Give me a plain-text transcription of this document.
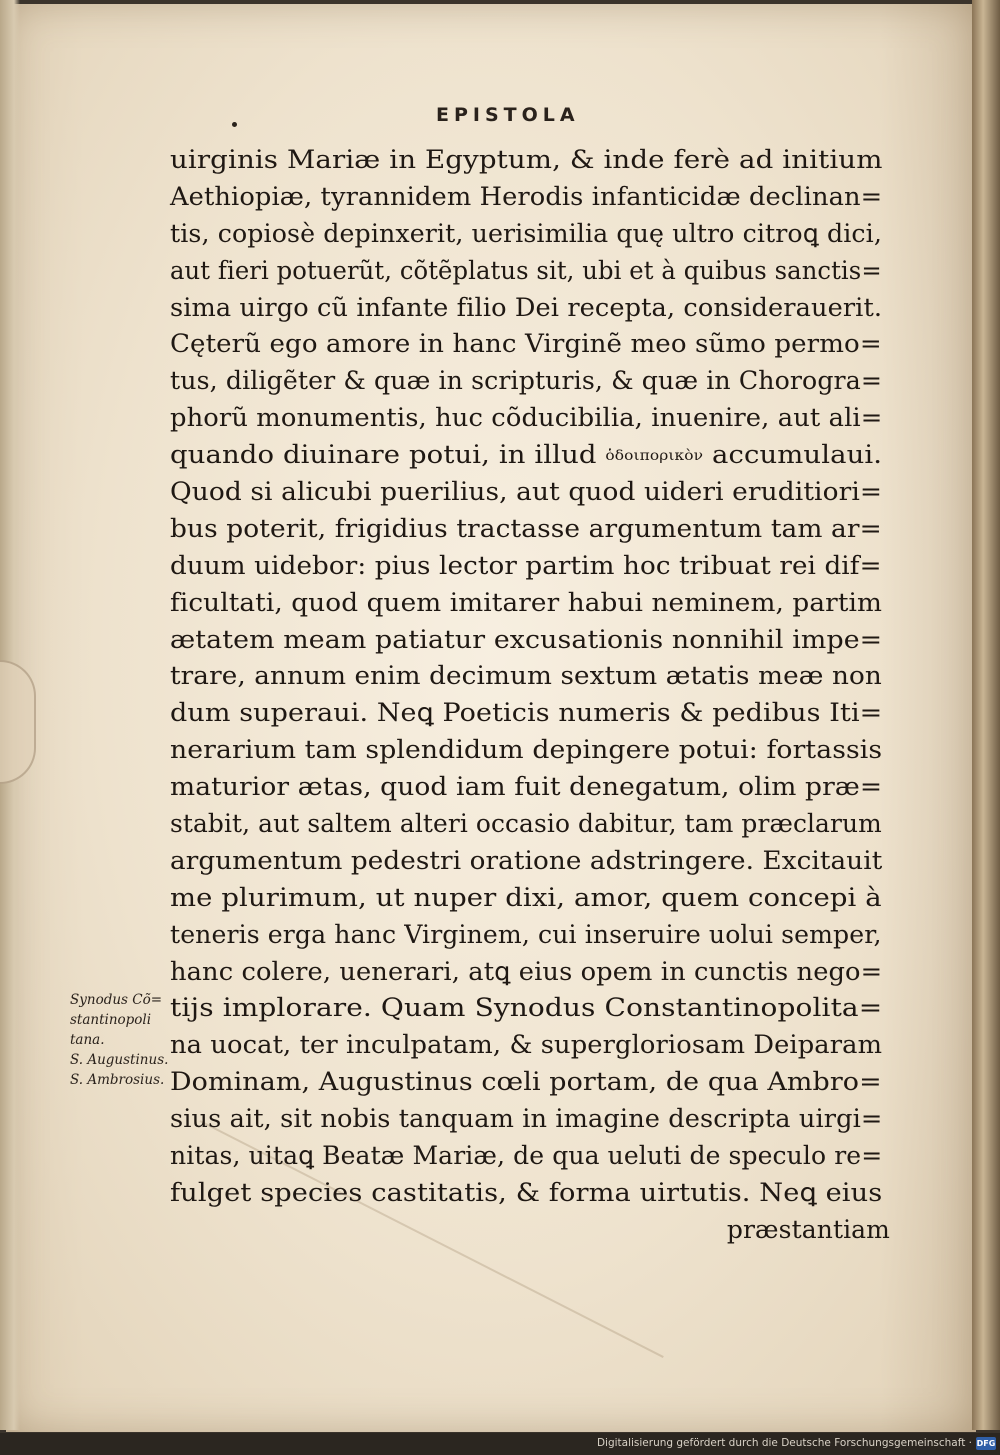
EPISTOLA
uirginis Mariæ in Egyptum, & inde ferè ad initium
Aethiopiæ, tyrannidem Herodis infanticidæ declinan=
tis, copiosè depinxerit, uerisimilia quę ultro citroꝗ dici,
aut fieri potuerũt, cõtẽplatus sit, ubi et à quibus sanctis=
sima uirgo cũ infante filio Dei recepta, considerauerit.
Cęterũ ego amore in hanc Virginẽ meo sũmo permo=
tus, diligẽter & quæ in scripturis, & quæ in Chorogra=
phorũ monumentis, huc cõducibilia, inuenire, aut ali=
quando diuinare potui, in illud ὁδοιπορικὸν accumulaui.
Quod si alicubi puerilius, aut quod uideri eruditiori=
bus poterit, frigidius tractasse argumentum tam ar=
duum uidebor: pius lector partim hoc tribuat rei dif=
ficultati, quod quem imitarer habui neminem, partim
ætatem meam patiatur excusationis nonnihil impe=
trare, annum enim decimum sextum ætatis meæ non
dum superaui. Neꝗ Poeticis numeris & pedibus Iti=
nerarium tam splendidum depingere potui: fortassis
maturior ætas, quod iam fuit denegatum, olim præ=
stabit, aut saltem alteri occasio dabitur, tam præclarum
argumentum pedestri oratione adstringere. Excitauit
me plurimum, ut nuper dixi, amor, quem concepi à
teneris erga hanc Virginem, cui inseruire uolui semper,
hanc colere, uenerari, atꝗ eius opem in cunctis nego=
tijs implorare. Quam Synodus Constantinopolita=
na uocat, ter inculpatam, & supergloriosam Deiparam
Dominam, Augustinus cœli portam, de qua Ambro=
sius ait, sit nobis tanquam in imagine descripta uirgi=
nitas, uitaꝗ Beatæ Mariæ, de qua ueluti de speculo re=
fulget species castitatis, & forma uirtutis. Neꝗ eius
præstantiam
Synodus Cõ=
stantinopoli
tana.
S. Augustinus.
S. Ambrosius.
Digitalisierung gefördert durch die Deutsche Forschungsgemeinschaft · DFG
